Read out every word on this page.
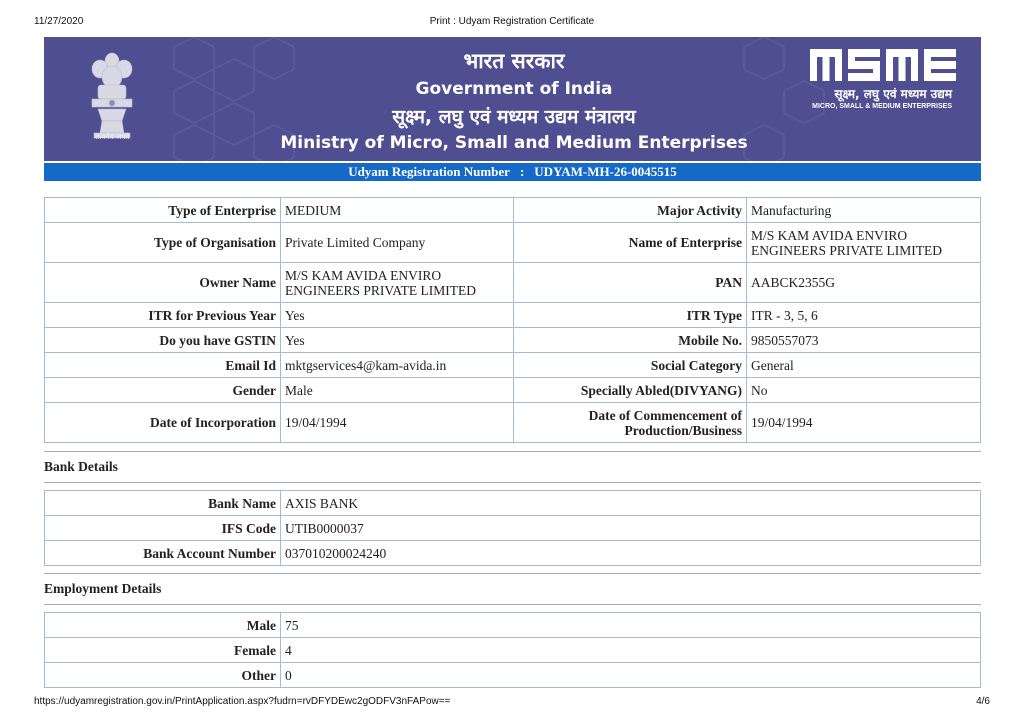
11/27/2020	Print : Udyam Registration Certificate
सत्यमेव जयते
भारत सरकार
Government of India
सूक्ष्म, लघु एवं मध्यम उद्यम मंत्रालय
Ministry of Micro, Small and Medium Enterprises
सूक्ष्म, लघु एवं मध्यम उद्यम
MICRO, SMALL & MEDIUM ENTERPRISES
Udyam Registration Number : UDYAM-MH-26-0045515
Type of Enterprise	MEDIUM	Major Activity	Manufacturing
Type of Organisation	Private Limited Company	Name of Enterprise	M/S KAM AVIDA ENVIRO ENGINEERS PRIVATE LIMITED
Owner Name	M/S KAM AVIDA ENVIRO ENGINEERS PRIVATE LIMITED	PAN	AABCK2355G
ITR for Previous Year	Yes	ITR Type	ITR - 3, 5, 6
Do you have GSTIN	Yes	Mobile No.	9850557073
Email Id	mktgservices4@kam-avida.in	Social Category	General
Gender	Male	Specially Abled(DIVYANG)	No
Date of Incorporation	19/04/1994	Date of Commencement of Production/Business	19/04/1994
Bank Details
Bank Name	AXIS BANK
IFS Code	UTIB0000037
Bank Account Number	037010200024240
Employment Details
Male	75
Female	4
Other	0
https://udyamregistration.gov.in/PrintApplication.aspx?fudrn=rvDFYDEwc2gODFV3nFAPow==	4/6
